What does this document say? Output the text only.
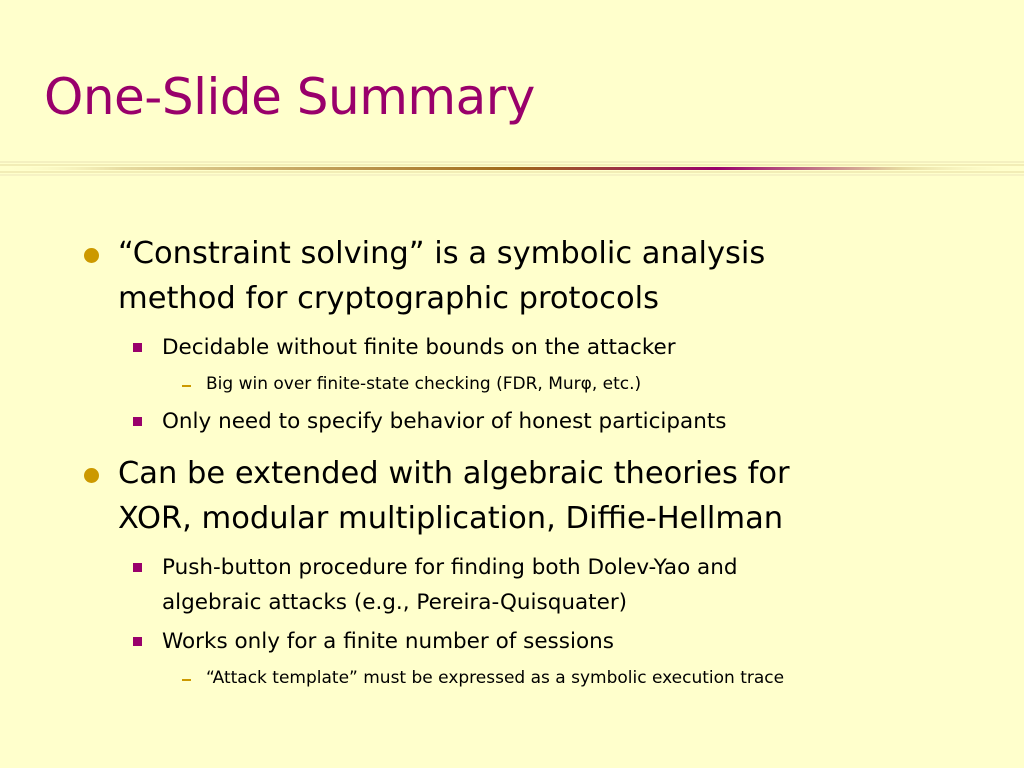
One-Slide Summary
“Constraint solving” is a symbolic analysis
method for cryptographic protocols
Decidable without finite bounds on the attacker
Big win over finite-state checking (FDR, Murφ, etc.)
Only need to specify behavior of honest participants
Can be extended with algebraic theories for
XOR, modular multiplication, Diffie-Hellman
Push-button procedure for finding both Dolev-Yao and
algebraic attacks (e.g., Pereira-Quisquater)
Works only for a finite number of sessions
“Attack template” must be expressed as a symbolic execution trace
